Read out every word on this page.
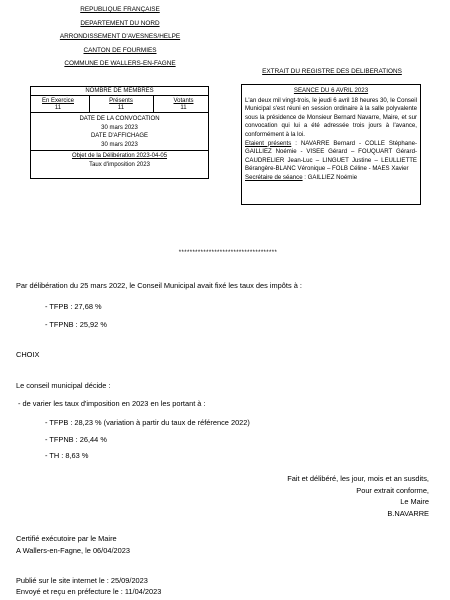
REPUBLIQUE FRANÇAISE
DEPARTEMENT DU NORD
ARRONDISSEMENT D'AVESNES/HELPE
CANTON DE FOURMIES
COMMUNE DE WALLERS-EN-FAGNE
EXTRAIT DU REGISTRE DES DELIBERATIONS
NOMBRE DE MEMBRES
En Exercice	Présents	Votants
11	11	11
DATE DE LA CONVOCATION
30 mars 2023
DATE D'AFFICHAGE
30 mars 2023
Objet de la Délibération 2023-04-05
Taux d'imposition 2023
SEANCE DU 6 AVRIL 2023
L'an deux mil vingt-trois, le jeudi 6 avril 18 heures 30, le Conseil Municipal s'est réuni en session ordinaire à la salle polyvalente sous la présidence de Monsieur Bernard Navarre, Maire, et sur convocation qui lui a été adressée trois jours à l'avance, conformément à la loi.
Etaient présents : NAVARRE Bernard - COLLE Stéphane- GAILLIEZ Noémie - VISEE Gérard – FOUQUART Gérard- CAUDRELIER Jean-Luc – LINGUET Justine – LEULLIETTE Bérangère-BLANC Véronique – FOLB Céline - MAES Xavier
Secrétaire de séance : GAILLIEZ Noémie
************************************
Par délibération du 25 mars 2022, le Conseil Municipal avait fixé les taux des impôts à :
- TFPB : 27,68 %
- TFPNB : 25,92 %
CHOIX
Le conseil municipal décide :
- de varier les taux d'imposition en 2023 en les portant à :
- TFPB : 28,23 % (variation à partir du taux de référence 2022)
- TFPNB : 26,44 %
- TH : 8,63 %
Fait et délibéré, les jour, mois et an susdits,
Pour extrait conforme,
Le Maire
B.NAVARRE
Certifié exécutoire par le Maire
A Wallers-en-Fagne, le 06/04/2023
Publié sur le site internet le : 25/09/2023
Envoyé et reçu en préfecture le : 11/04/2023
